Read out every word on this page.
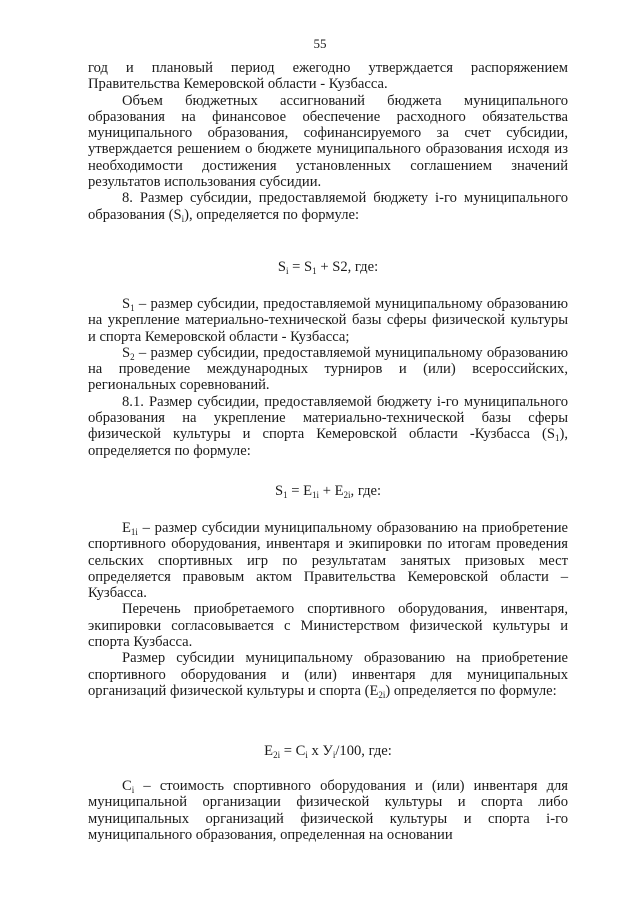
55

год и плановый период ежегодно утверждается распоряжением Правительства Кемеровской области - Кузбасса.

Объем бюджетных ассигнований бюджета муниципального образования на финансовое обеспечение расходного обязательства муниципального образования, софинансируемого за счет субсидии, утверждается решением о бюджете муниципального образования исходя из необходимости достижения установленных соглашением значений результатов использования субсидии.

8. Размер субсидии, предоставляемой бюджету i-го муниципального образования $(S_i)$, определяется по формуле:

$S_i = S_1 + S2$, где:

$S_1$ – размер субсидии, предоставляемой муниципальному образованию на укрепление материально-технической базы сферы физической культуры и спорта Кемеровской области - Кузбасса;

$S_2$ – размер субсидии, предоставляемой муниципальному образованию на проведение международных турниров и (или) всероссийских, региональных соревнований.

8.1. Размер субсидии, предоставляемой бюджету i-го муниципального образования на укрепление материально-технической базы сферы физической культуры и спорта Кемеровской области -Кузбасса $(S_1)$, определяется по формуле:

$S_1 = E_{1i} + E_{2i}$, где:

$E_{1i}$ – размер субсидии муниципальному образованию на приобретение спортивного оборудования, инвентаря и экипировки по итогам проведения сельских спортивных игр по результатам занятых призовых мест определяется правовым актом Правительства Кемеровской области – Кузбасса.

Перечень приобретаемого спортивного оборудования, инвентаря, экипировки согласовывается с Министерством физической культуры и спорта Кузбасса.

Размер субсидии муниципальному образованию на приобретение спортивного оборудования и (или) инвентаря для муниципальных организаций физической культуры и спорта $(E_{2i})$ определяется по формуле:

$E_{2i} = C_i$ x $У_i/100$, где:

$C_i$ – стоимость спортивного оборудования и (или) инвентаря для муниципальной организации физической культуры и спорта либо муниципальных организаций физической культуры и спорта i-го муниципального образования, определенная на основании
